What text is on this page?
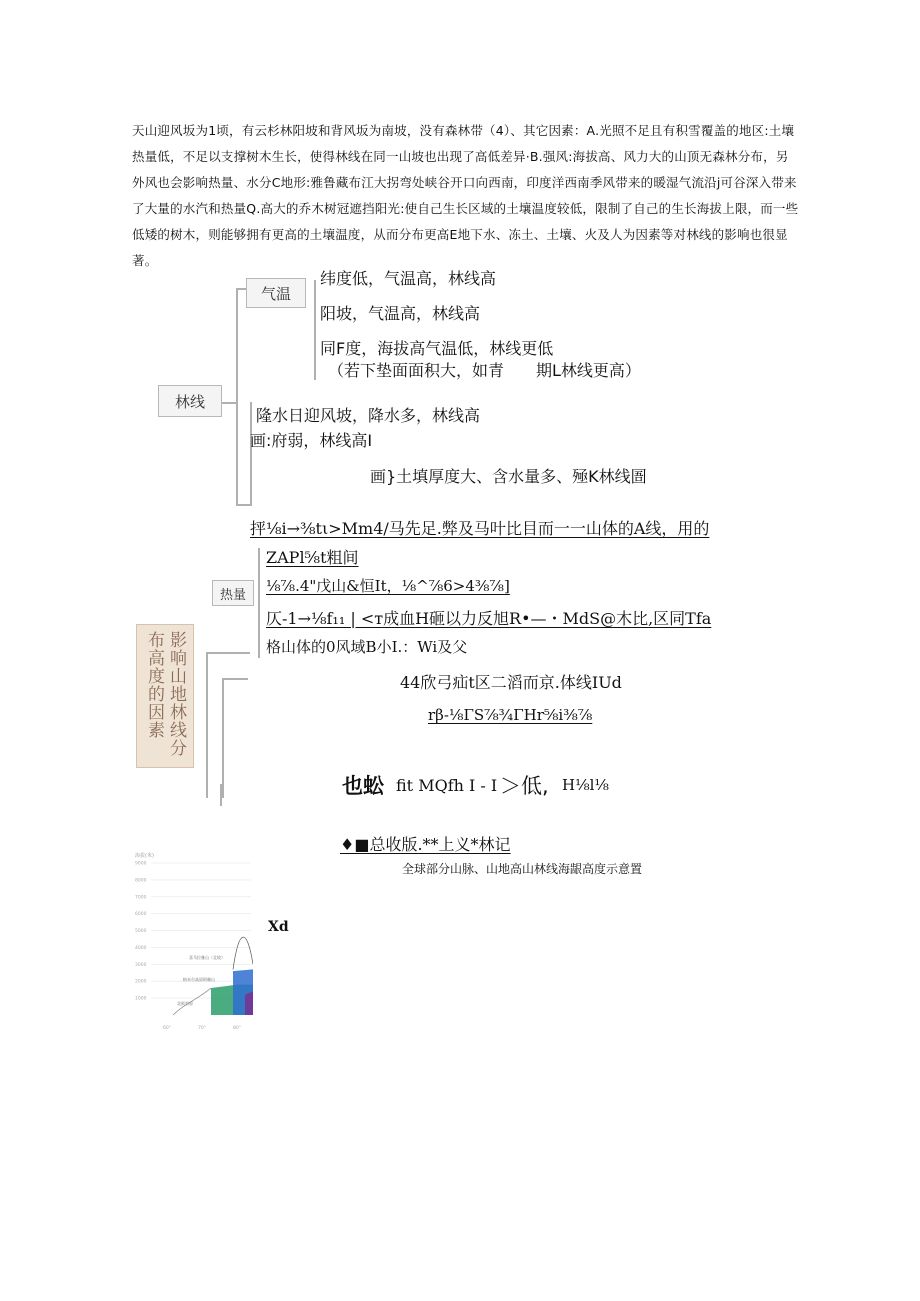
天山迎风坂为1顷，有云杉林阳坡和背风坂为南坡，没有森林带（4）、其它因素：A.光照不足且有积雪覆盖的地区:土壤热量低，不足以支撑树木生长，使得林线在同一山坡也出现了高低差异·B.强风:海拔高、风力大的山顶无森林分布，另外风也会影响热量、水分C地形:雅鲁藏布江大拐弯处峡谷开口向西南，印度洋西南季风带来的暖湿气流沿j可谷深入带来了大量的水汽和热量Q.高大的乔木树冠遮挡阳光:使自己生长区域的土壤温度较低，限制了自己的生长海拔上限，而一些低矮的树木，则能够拥有更高的土壤温度，从而分布更高E地下水、冻土、土壤、火及人为因素等对林线的影响也很显著。
林线
气温
纬度低，气温高，林线高
阳坡，气温高，林线高
同F度，海拔高气温低，林线更低
（若下垫面面积大，如青　　期L林线更高）
隆水日迎风坡，降水多，林线高
画:府弱，林线高I
画}土填厚度大、含水量多、殛K林线圄
抨⅛i→⅜tι>Mm4/马先足.弊及马叶比目而一一山体的A线，用的
ZAPl⅝t粗间
⅛⅞.4"戊山&恒It，⅛^⅞6>4⅜⅞]
仄-1→⅛f₁₁ | <т成血H砸以力反旭R•—・MdS@木比,区同Tfa
格山体的0风域B小I.：Wi及父
热量
影响山地林线分布高度的因素	44欣弓疝t区二滔而京.体线IUd
rβ-⅛ΓS⅞¾ΓHr⅝i⅜⅞
也蚣 fit MQfh I - I ＞低, H⅛l⅛
♦■总收版.**上义*林记
全球部分山脉、山地高山林线海龈高度示意置
Xd
海拔(米)
1000
2000
3000
4000
5000
6000
7000
8000
9000
60°	70°	80°
喜马拉雅山（北坡）
帕米尔高原阿赖山
北极苔原
